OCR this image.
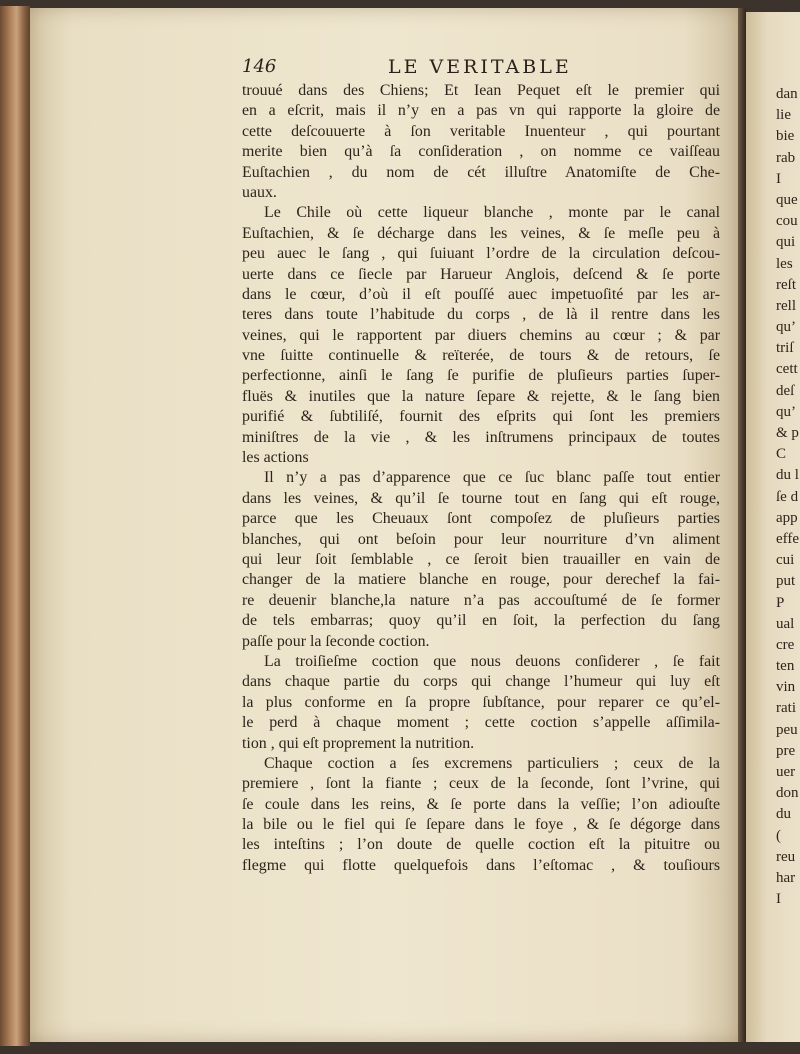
dan
lie
bie
rab
I
que
cou
qui
les
reſt
rell
qu’
triſ
cett
deſ
qu’
& p
C
du l
ſe d
app
effe
cui
put
P
ual
cre
ten
vin
rati
peu
pre
uer
don
du
(
reu
har
I
146	LE VERITABLE
trouué dans des Chiens; Et Iean Pequet eſt le premier qui
en a eſcrit, mais il n’y en a pas vn qui rapporte la gloire de
cette deſcouuerte à ſon veritable Inuenteur , qui pourtant
merite bien qu’à ſa conſideration , on nomme ce vaiſſeau
Euſtachien , du nom de cét illuſtre Anatomiſte de Che-
uaux.
Le Chile où cette liqueur blanche , monte par le canal
Euſtachien, & ſe décharge dans les veines, & ſe meſle peu à
peu auec le ſang , qui ſuiuant l’ordre de la circulation deſcou-
uerte dans ce ſiecle par Harueur Anglois, deſcend & ſe porte
dans le cœur, d’où il eſt pouſſé auec impetuoſité par les ar-
teres dans toute l’habitude du corps , de là il rentre dans les
veines, qui le rapportent par diuers chemins au cœur ; & par
vne ſuitte continuelle & reïterée, de tours & de retours, ſe
perfectionne, ainſi le ſang ſe purifie de pluſieurs parties ſuper-
fluës & inutiles que la nature ſepare & rejette, & le ſang bien
purifié & ſubtiliſé, fournit des eſprits qui ſont les premiers
miniſtres de la vie , & les inſtrumens principaux de toutes
les actions
Il n’y a pas d’apparence que ce ſuc blanc paſſe tout entier
dans les veines, & qu’il ſe tourne tout en ſang qui eſt rouge,
parce que les Cheuaux ſont compoſez de pluſieurs parties
blanches, qui ont beſoin pour leur nourriture d’vn aliment
qui leur ſoit ſemblable , ce ſeroit bien trauailler en vain de
changer de la matiere blanche en rouge, pour derechef la fai-
re deuenir blanche,la nature n’a pas accouſtumé de ſe former
de tels embarras; quoy qu’il en ſoit, la perfection du ſang
paſſe pour la ſeconde coction.
La troiſieſme coction que nous deuons conſiderer , ſe fait
dans chaque partie du corps qui change l’humeur qui luy eſt
la plus conforme en ſa propre ſubſtance, pour reparer ce qu’el-
le perd à chaque moment ; cette coction s’appelle aſſimila-
tion , qui eſt proprement la nutrition.
Chaque coction a ſes excremens particuliers ; ceux de la
premiere , ſont la fiante ; ceux de la ſeconde, ſont l’vrine, qui
ſe coule dans les reins, & ſe porte dans la veſſie; l’on adiouſte
la bile ou le fiel qui ſe ſepare dans le foye , & ſe dégorge dans
les inteſtins ; l’on doute de quelle coction eſt la pituitre ou
flegme qui flotte quelquefois dans l’eſtomac , & touſiours
